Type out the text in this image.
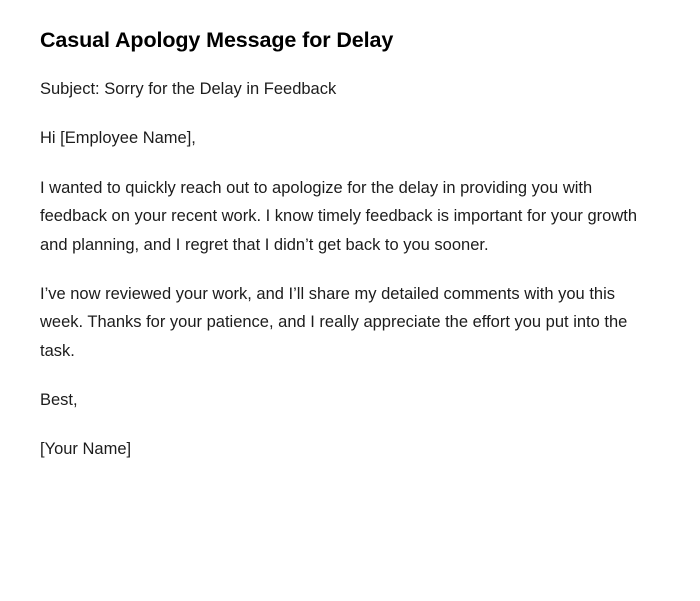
Casual Apology Message for Delay

Subject: Sorry for the Delay in Feedback

Hi [Employee Name],

I wanted to quickly reach out to apologize for the delay in providing you with feedback on your recent work. I know timely feedback is important for your growth and planning, and I regret that I didn’t get back to you sooner.

I’ve now reviewed your work, and I’ll share my detailed comments with you this week. Thanks for your patience, and I really appreciate the effort you put into the task.

Best,

[Your Name]
